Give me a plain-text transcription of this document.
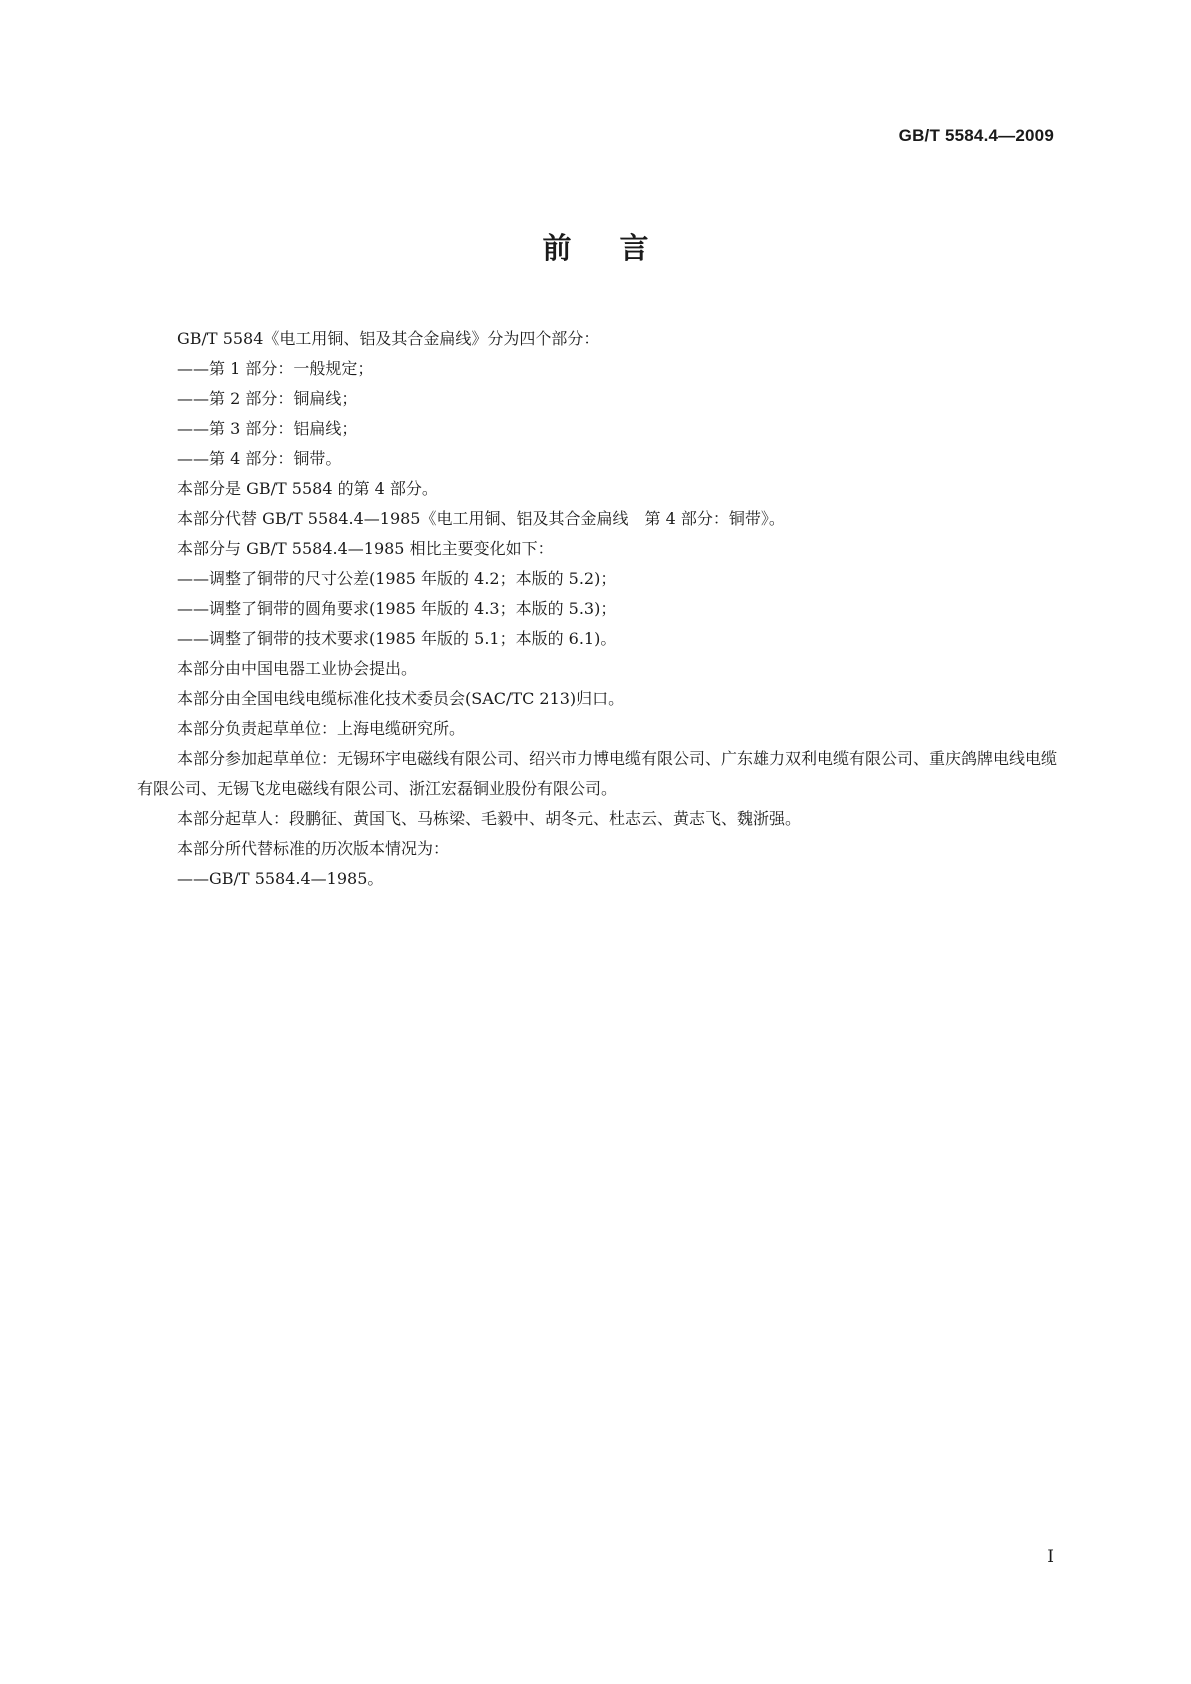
GB/T 5584.4—2009
前言

GB/T 5584《电工用铜、铝及其合金扁线》分为四个部分：

——第 1 部分：一般规定；

——第 2 部分：铜扁线；

——第 3 部分：铝扁线；

——第 4 部分：铜带。

本部分是 GB/T 5584 的第 4 部分。

本部分代替 GB/T 5584.4—1985《电工用铜、铝及其合金扁线　第 4 部分：铜带》。

本部分与 GB/T 5584.4—1985 相比主要变化如下：

——调整了铜带的尺寸公差(1985 年版的 4.2；本版的 5.2)；

——调整了铜带的圆角要求(1985 年版的 4.3；本版的 5.3)；

——调整了铜带的技术要求(1985 年版的 5.1；本版的 6.1)。

本部分由中国电器工业协会提出。

本部分由全国电线电缆标准化技术委员会(SAC/TC 213)归口。

本部分负责起草单位：上海电缆研究所。

本部分参加起草单位：无锡环宇电磁线有限公司、绍兴市力博电缆有限公司、广东雄力双利电缆有限公司、重庆鸽牌电线电缆有限公司、无锡飞龙电磁线有限公司、浙江宏磊铜业股份有限公司。

本部分起草人：段鹏征、黄国飞、马栋梁、毛毅中、胡冬元、杜志云、黄志飞、魏浙强。

本部分所代替标准的历次版本情况为：

——GB/T 5584.4—1985。

I
